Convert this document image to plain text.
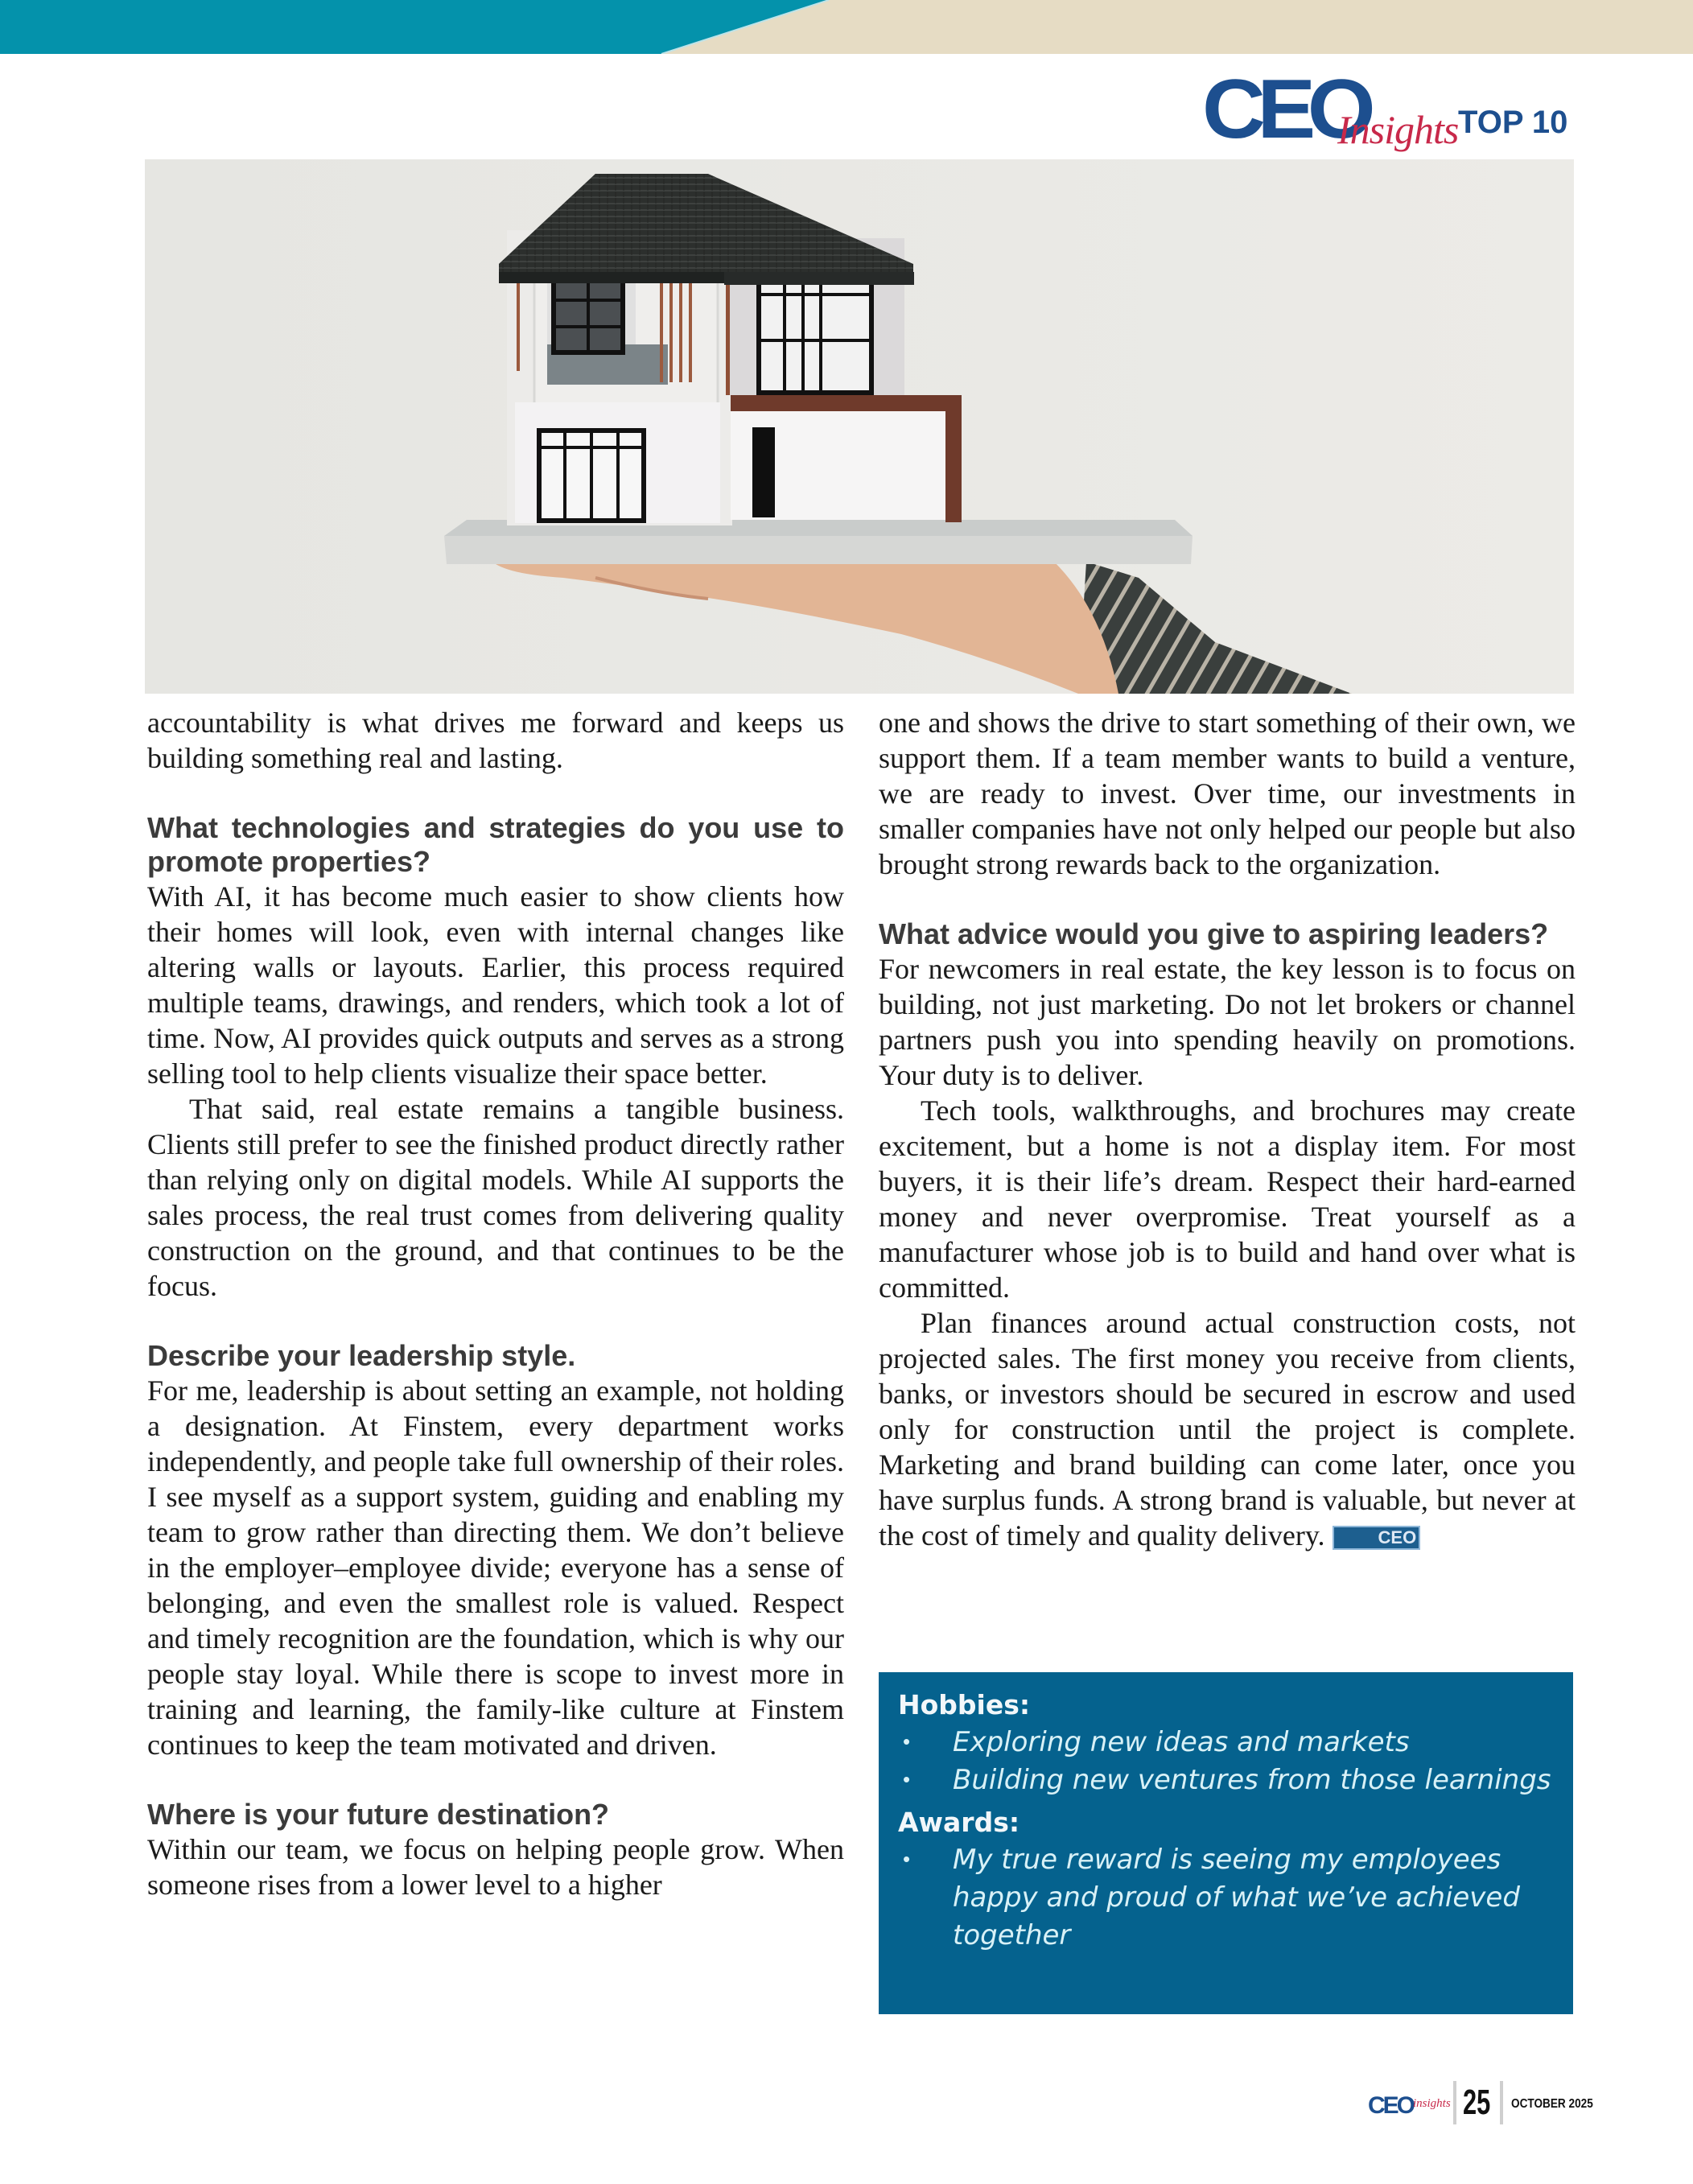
CEO
Insights TOP 10

accountability is what drives me forward and keeps us building something real and lasting.

What technologies and strategies do you use to promote properties?

With AI, it has become much easier to show clients how their homes will look, even with internal changes like altering walls or layouts. Earlier, this process required multiple teams, drawings, and renders, which took a lot of time. Now, AI provides quick outputs and serves as a strong selling tool to help clients visualize their space better.

That said, real estate remains a tangible business. Clients still prefer to see the finished product directly rather than relying only on digital models. While AI supports the sales process, the real trust comes from delivering quality construction on the ground, and that continues to be the focus.

Describe your leadership style.

For me, leadership is about setting an example, not holding a designation. At Finstem, every department works independently, and people take full ownership of their roles. I see myself as a support system, guiding and enabling my team to grow rather than directing them. We don’t believe in the employer–employee divide; everyone has a sense of belonging, and even the smallest role is valued. Respect and timely recognition are the foundation, which is why our people stay loyal. While there is scope to invest more in training and learning, the family-like culture at Finstem continues to keep the team motivated and driven.

Where is your future destination?

Within our team, we focus on helping people grow. When someone rises from a lower level to a higher

one and shows the drive to start something of their own, we support them. If a team member wants to build a venture, we are ready to invest. Over time, our investments in smaller companies have not only helped our people but also brought strong rewards back to the organization.

What advice would you give to aspiring leaders?

For newcomers in real estate, the key lesson is to focus on building, not just marketing. Do not let brokers or channel partners push you into spending heavily on promotions. Your duty is to deliver.

Tech tools, walkthroughs, and brochures may create excitement, but a home is not a display item. For most buyers, it is their life’s dream. Respect their hard-earned money and never overpromise. Treat yourself as a manufacturer whose job is to build and hand over what is committed.

Plan finances around actual construction costs, not projected sales. The first money you receive from clients, banks, or investors should be secured in escrow and used only for construction until the project is complete. Marketing and brand building can come later, once you have surplus funds. A strong brand is valuable, but never at the cost of timely and quality delivery.	CEO

Hobbies:
• Exploring new ideas and markets
• Building new ventures from those learnings
Awards:
• My true reward is seeing my employees happy and proud of what we’ve achieved together
CEO insights 25 OCTOBER 2025
